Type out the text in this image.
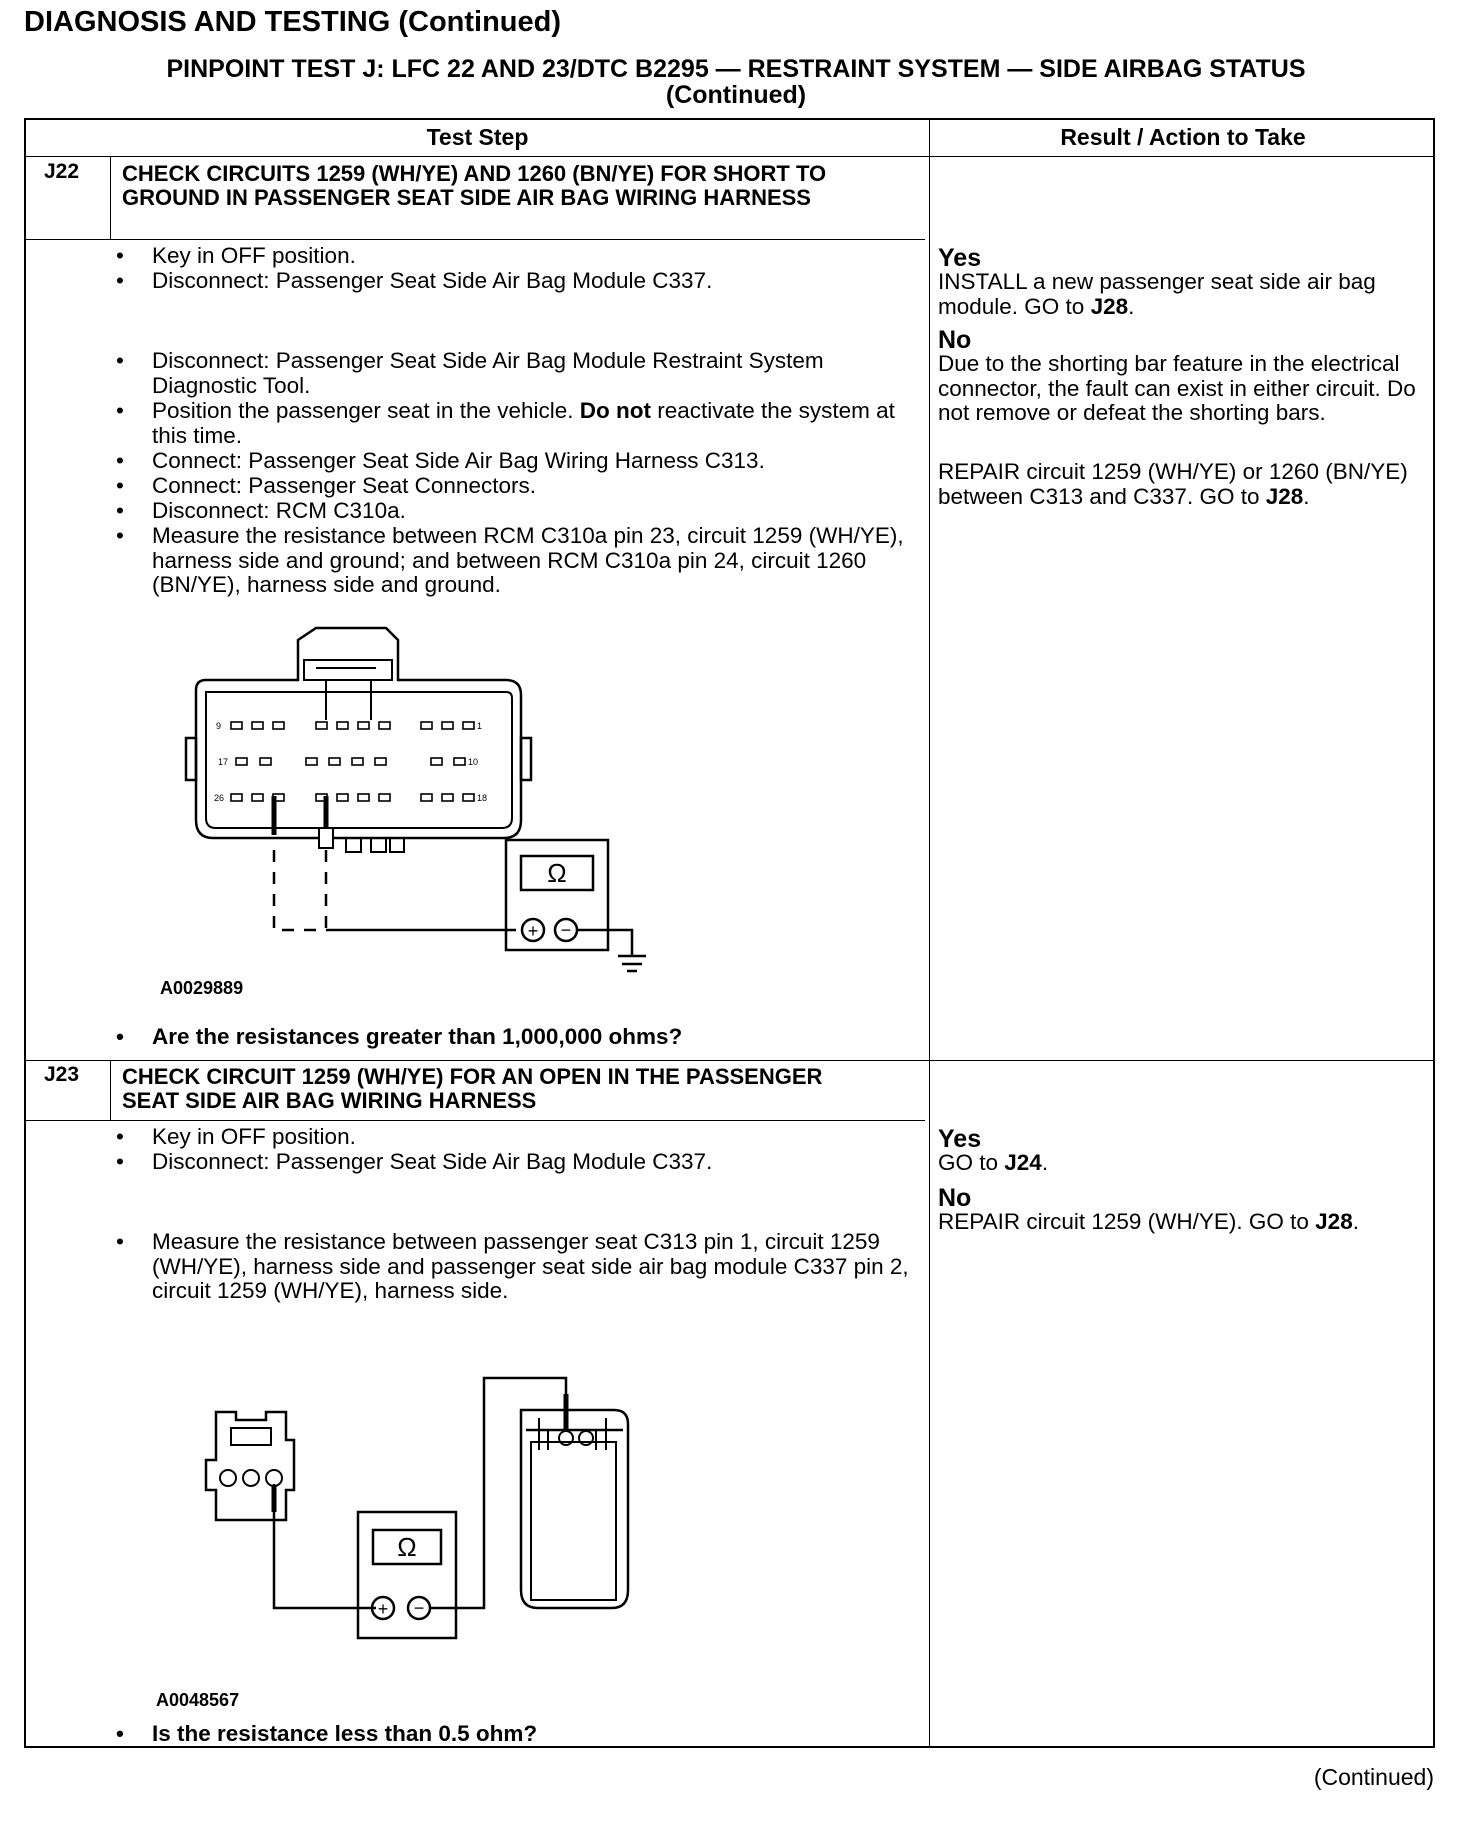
DIAGNOSIS AND TESTING (Continued)
PINPOINT TEST J: LFC 22 AND 23/DTC B2295 — RESTRAINT SYSTEM — SIDE AIRBAG STATUS
(Continued)
Test Step	Result / Action to Take
J22 CHECK CIRCUITS 1259 (WH/YE) AND 1260 (BN/YE) FOR SHORT TO GROUND IN PASSENGER SEAT SIDE AIR BAG WIRING HARNESS
• Key in OFF position.
• Disconnect: Passenger Seat Side Air Bag Module C337.
• Disconnect: Passenger Seat Side Air Bag Module Restraint System Diagnostic Tool.
• Position the passenger seat in the vehicle. Do not reactivate the system at this time.
• Connect: Passenger Seat Side Air Bag Wiring Harness C313.
• Connect: Passenger Seat Connectors.
• Disconnect: RCM C310a.
• Measure the resistance between RCM C310a pin 23, circuit 1259 (WH/YE), harness side and ground; and between RCM C310a pin 24, circuit 1260 (BN/YE), harness side and ground.
9	1
17	10
26	18
Ω
+ −
A0029889
• Are the resistances greater than 1,000,000 ohms?
Yes
INSTALL a new passenger seat side air bag module. GO to J28.
No
Due to the shorting bar feature in the electrical connector, the fault can exist in either circuit. Do not remove or defeat the shorting bars.
REPAIR circuit 1259 (WH/YE) or 1260 (BN/YE) between C313 and C337. GO to J28.
J23 CHECK CIRCUIT 1259 (WH/YE) FOR AN OPEN IN THE PASSENGER SEAT SIDE AIR BAG WIRING HARNESS
• Key in OFF position.
• Disconnect: Passenger Seat Side Air Bag Module C337.
• Measure the resistance between passenger seat C313 pin 1, circuit 1259 (WH/YE), harness side and passenger seat side air bag module C337 pin 2, circuit 1259 (WH/YE), harness side.
Ω
+ −
A0048567
• Is the resistance less than 0.5 ohm?
Yes
GO to J24.
No
REPAIR circuit 1259 (WH/YE). GO to J28.
(Continued)
